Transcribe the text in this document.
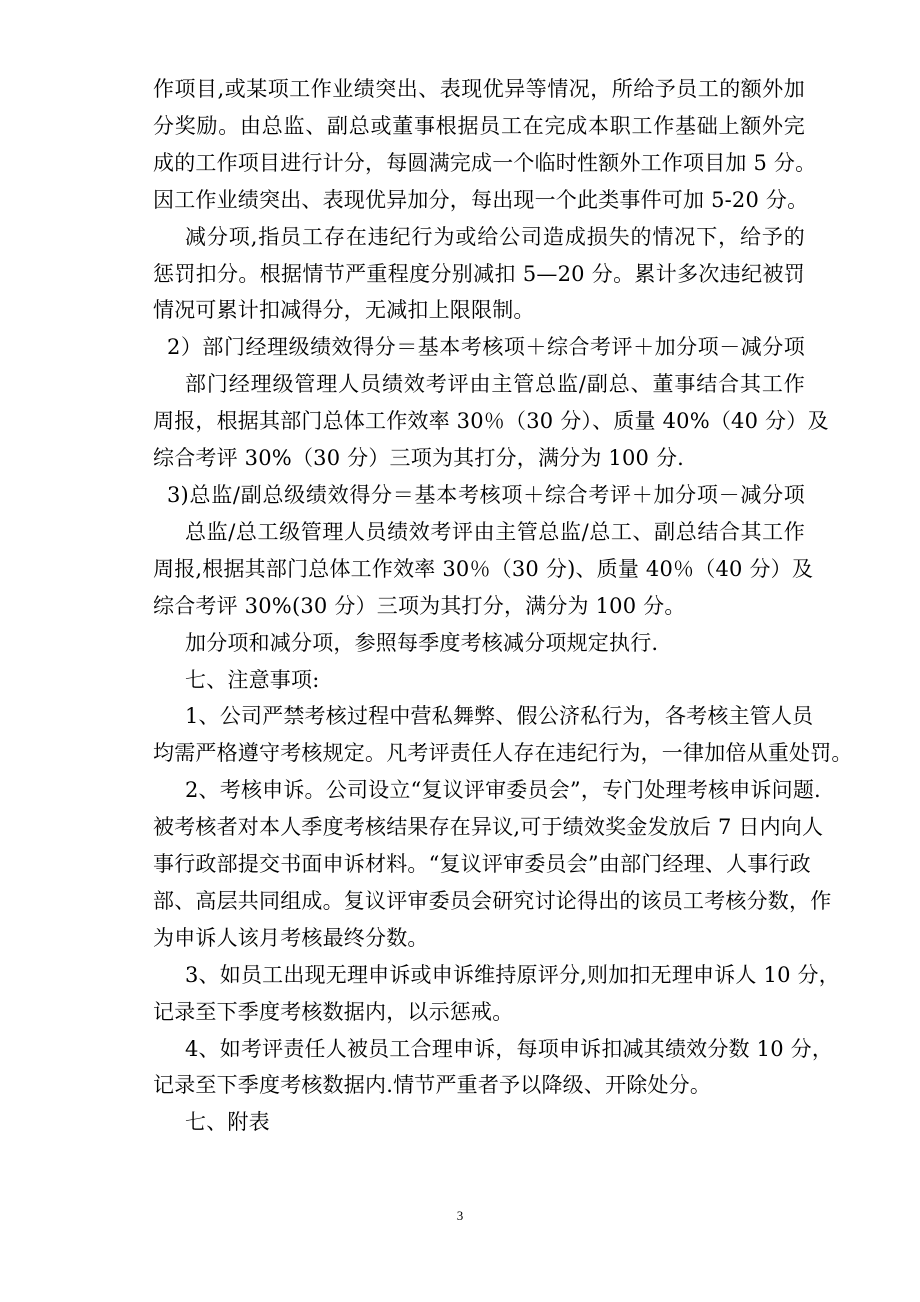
作项目,或某项工作业绩突出、表现优异等情况，所给予员工的额外加
分奖励。由总监、副总或董事根据员工在完成本职工作基础上额外完
成的工作项目进行计分，每圆满完成一个临时性额外工作项目加 5 分。
因工作业绩突出、表现优异加分，每出现一个此类事件可加 5-20 分。
减分项,指员工存在违纪行为或给公司造成损失的情况下，给予的
惩罚扣分。根据情节严重程度分别减扣 5—20 分。累计多次违纪被罚
情况可累计扣减得分，无减扣上限限制。
2）部门经理级绩效得分＝基本考核项＋综合考评＋加分项－减分项
部门经理级管理人员绩效考评由主管总监/副总、董事结合其工作
周报，根据其部门总体工作效率 30％（30 分）、质量 40%（40 分）及
综合考评 30%（30 分）三项为其打分，满分为 100 分.
3)总监/副总级绩效得分＝基本考核项＋综合考评＋加分项－减分项
总监/总工级管理人员绩效考评由主管总监/总工、副总结合其工作
周报,根据其部门总体工作效率 30％（30 分)、质量 40％（40 分）及
综合考评 30%(30 分）三项为其打分，满分为 100 分。
加分项和减分项，参照每季度考核减分项规定执行.
七、注意事项:
1、公司严禁考核过程中营私舞弊、假公济私行为，各考核主管人员
均需严格遵守考核规定。凡考评责任人存在违纪行为，一律加倍从重处罚。
2、考核申诉。公司设立“复议评审委员会”，专门处理考核申诉问题.
被考核者对本人季度考核结果存在异议,可于绩效奖金发放后 7 日内向人
事行政部提交书面申诉材料。“复议评审委员会”由部门经理、人事行政
部、高层共同组成。复议评审委员会研究讨论得出的该员工考核分数，作
为申诉人该月考核最终分数。
3、如员工出现无理申诉或申诉维持原评分,则加扣无理申诉人 10 分，
记录至下季度考核数据内，以示惩戒。
4、如考评责任人被员工合理申诉，每项申诉扣减其绩效分数 10 分，
记录至下季度考核数据内.情节严重者予以降级、开除处分。
七、附表
3
